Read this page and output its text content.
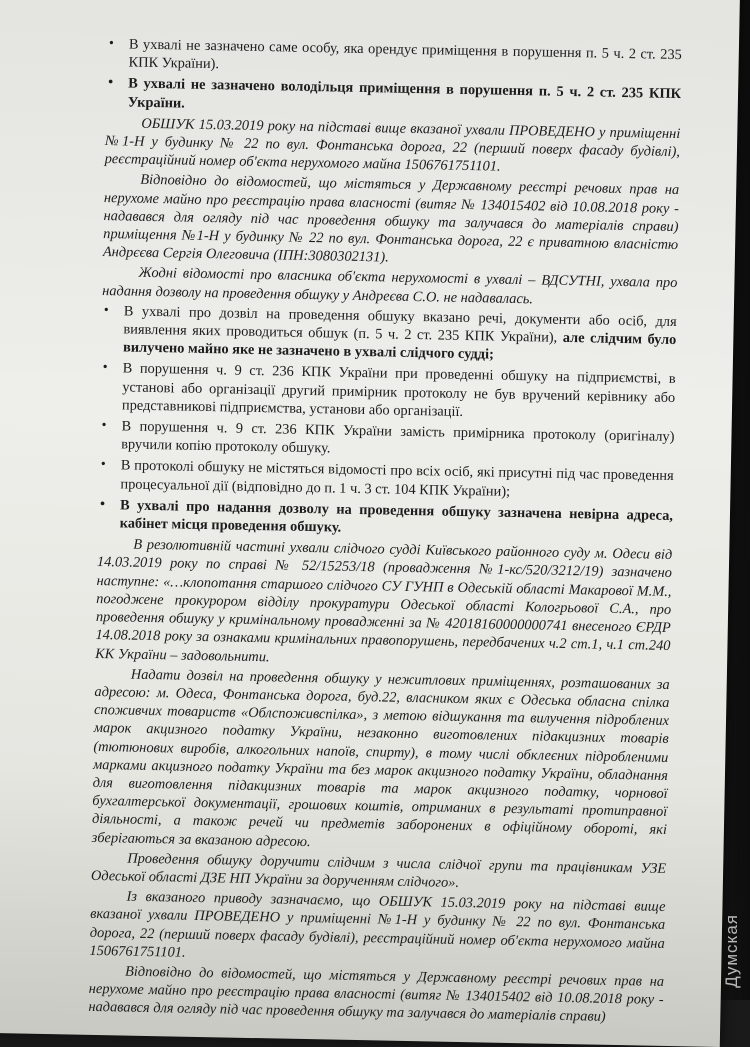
• В ухвалі не зазначено саме особу, яка орендує приміщення в порушення п. 5 ч. 2 ст. 235 КПК України).
• В ухвалі не зазначено володільця приміщення в порушення п. 5 ч. 2 ст. 235 КПК України.

ОБШУК 15.03.2019 року на підставі вище вказаної ухвали ПРОВЕДЕНО у приміщенні №1-Н у будинку № 22 по вул. Фонтанська дорога, 22 (перший поверх фасаду будівлі), реєстраційний номер об'єкта нерухомого майна 1506761751101.

Відповідно до відомостей, що містяться у Державному реєстрі речових прав на нерухоме майно про реєстрацію права власності (витяг № 134015402 від 10.08.2018 року - надавався для огляду під час проведення обшуку та залучався до матеріалів справи) приміщення №1-Н у будинку № 22 по вул. Фонтанська дорога, 22 є приватною власністю Андрєєва Сергія Олеговича (ІПН:3080302131).

Жодні відомості про власника об'єкта нерухомості в ухвалі – ВДСУТНІ, ухвала про надання дозволу на проведення обшуку у Андреєва С.О. не надавалась.

• В ухвалі про дозвіл на проведення обшуку вказано речі, документи або осіб, для виявлення яких проводиться обшук (п. 5 ч. 2 ст. 235 КПК України), але слідчим було вилучено майно яке не зазначено в ухвалі слідчого судді;
• В порушення ч. 9 ст. 236 КПК України при проведенні обшуку на підприємстві, в установі або організації другий примірник протоколу не був вручений керівнику або представникові підприємства, установи або організації.
• В порушення ч. 9 ст. 236 КПК України замість примірника протоколу (оригіналу) вручили копію протоколу обшуку.
• В протоколі обшуку не містяться відомості про всіх осіб, які присутні під час проведення процесуальної дії (відповідно до п. 1 ч. 3 ст. 104 КПК України);
• В ухвалі про надання дозволу на проведення обшуку зазначена невірна адреса, кабінет місця проведення обшуку.

В резолютивній частині ухвали слідчого судді Київського районного суду м. Одеси від 14.03.2019 року по справі № 52/15253/18 (провадження №1-кс/520/3212/19) зазначено наступне: «…клопотання старшого слідчого СУ ГУНП в Одеській області Макарової М.М., погоджене прокурором відділу прокуратури Одеської області Кологрьової С.А., про проведення обшуку у кримінальному провадженні за № 42018160000000741 внесеного ЄРДР 14.08.2018 року за ознаками кримінальних правопорушень, передбачених ч.2 ст.1, ч.1 ст.240 КК України – задовольнити.

Надати дозвіл на проведення обшуку у нежитлових приміщеннях, розташованих за адресою: м. Одеса, Фонтанська дорога, буд.22, власником яких є Одеська обласна спілка споживчих товариств «Облспоживспілка», з метою відшукання та вилучення підроблених марок акцизного податку України, незаконно виготовлених підакцизних товарів (тютюнових виробів, алкогольних напоїв, спирту), в тому числі обклеєних підробленими марками акцизного податку України та без марок акцизного податку України, обладнання для виготовлення підакцизних товарів та марок акцизного податку, чорнової бухгалтерської документації, грошових коштів, отриманих в результаті протиправної діяльності, а також речей чи предметів заборонених в офіційному обороті, які зберігаються за вказаною адресою.

Проведення обшуку доручити слідчим з числа слідчої групи та працівникам УЗЕ Одеської області ДЗЕ НП України за дорученням слідчого».

Із вказаного приводу зазначаємо, що ОБШУК 15.03.2019 року на підставі вище вказаної ухвали ПРОВЕДЕНО у приміщенні №1-Н у будинку № 22 по вул. Фонтанська дорога, 22 (перший поверх фасаду будівлі), реєстраційний номер об'єкта нерухомого майна 1506761751101.

Відповідно до відомостей, що містяться у Державному реєстрі речових прав на нерухоме майно про реєстрацію права власності (витяг № 134015402 від 10.08.2018 року - надавався для огляду під час проведення обшуку та залучався до матеріалів справи)

Думская
